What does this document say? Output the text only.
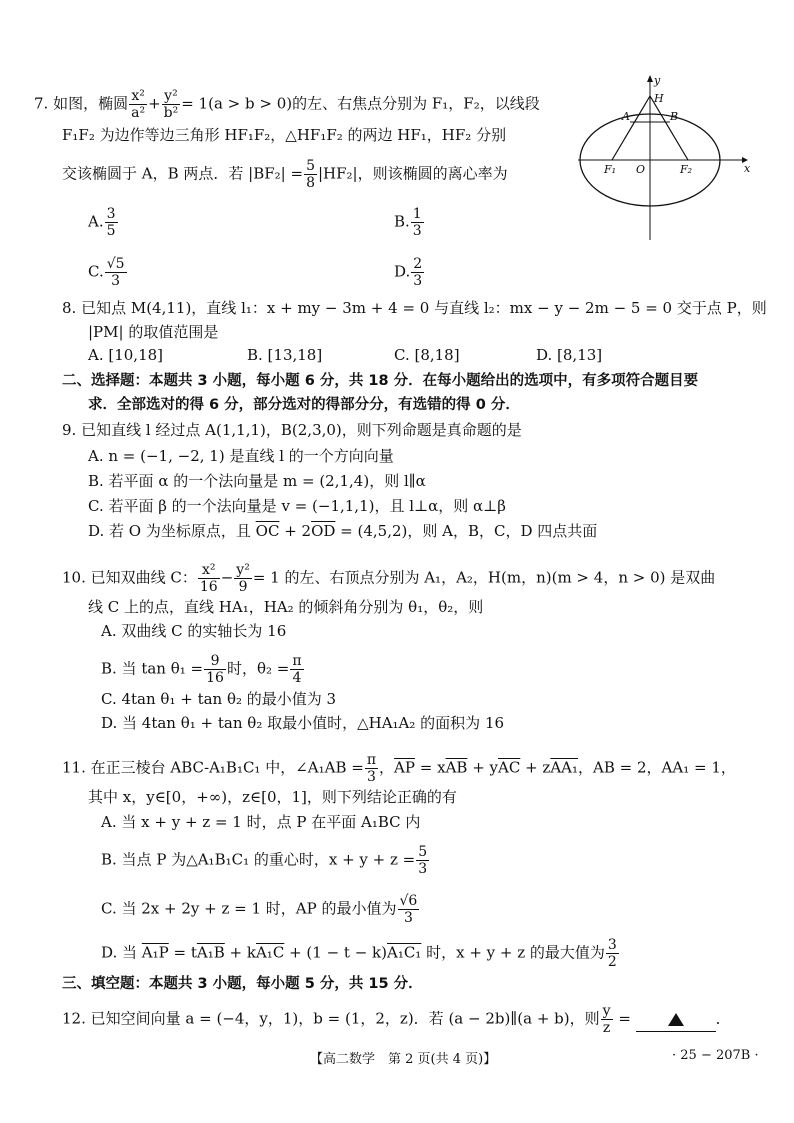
7. 如图，椭圆 $\frac{\text{x²}}{\text{a²}} + \frac{\text{y²}}{\text{b²}} = 1(a > b > 0)$的左、右焦点分别为 F₁，F₂，以线段
F₁F₂ 为边作等边三角形 HF₁F₂，△HF₁F₂ 的两边 HF₁，HF₂ 分别
交该椭圆于 A，B 两点．若 $|BF_2| = \frac{5}{8} |HF_2|$，则该椭圆的离心率为
A. $\frac{3}{5}$	B. $\frac{1}{3}$
C. $\frac{√5}{3}$	D. $\frac{2}{3}$
y
x
H
A	B
O
F₁	F₂
8. 已知点 M(4,11)，直线 l₁：x + my − 3m + 4 = 0 与直线 l₂：mx − y − 2m − 5 = 0 交于点 P，则
|PM| 的取值范围是
A. [10,18]	B. [13,18]	C. [8,18]	D. [8,13]
二、选择题：本题共 3 小题，每小题 6 分，共 18 分．在每小题给出的选项中，有多项符合题目要
求．全部选对的得 6 分，部分选对的得部分分，有选错的得 0 分．
9. 已知直线 l 经过点 A(1,1,1)，B(2,3,0)，则下列命题是真命题的是
A. n = (−1, −2, 1) 是直线 l 的一个方向向量
B. 若平面 α 的一个法向量是 m = (2,1,4)，则 l∥α
C. 若平面 β 的一个法向量是 v = (−1,1,1)，且 l⊥α，则 α⊥β
D. 若 O 为坐标原点，且 $\overline{OC} + 2\overline{OD} = (4,5,2)$，则 A，B，C，D 四点共面
10. 已知双曲线 C： $\frac{\text{x²}}{16} - \frac{\text{y²}}{9} = 1$ 的左、右顶点分别为 A₁，A₂，H(m，n)(m > 4，n > 0) 是双曲
线 C 上的点，直线 HA₁，HA₂ 的倾斜角分别为 θ₁，θ₂，则
A. 双曲线 C 的实轴长为 16
B. 当 $\tan \theta_1 = \frac{9}{16}$ 时，$\theta_2 = \frac{\pi}{4}$
C. 4tan θ₁ + tan θ₂ 的最小值为 3
D. 当 4tan θ₁ + tan θ₂ 取最小值时，△HA₁A₂ 的面积为 16
11. 在正三棱台 ABC-A₁B₁C₁ 中，∠A₁AB = $\frac{\pi}{3}$ ，$\overline{AP} = x\overline{AB} + y\overline{AC} + zAA_1$，AB = 2，AA₁ = 1，
其中 x，y∈[0，+∞)，z∈[0，1]，则下列结论正确的有
A. 当 x + y + z = 1 时，点 P 在平面 A₁BC 内
B. 当点 P 为△A₁B₁C₁ 的重心时，$x + y + z = \frac{5}{3}$
C. 当 2x + 2y + z = 1 时，AP 的最小值为 $\frac{√6}{3}$
D. 当 A₁P = tA₁B + kA₁C + (1 − t − k)A₁C₁ 时，x + y + z 的最大值为 $\frac{3}{2}$
三、填空题：本题共 3 小题，每小题 5 分，共 15 分．
12. 已知空间向量 a = (−4，y，1)，b = (1，2，z)．若 (a − 2b)∥(a + b)，则 $\frac{y}{z}$ =	．
【高二数学　第 2 页(共 4 页)】	· 25 − 207B ·
